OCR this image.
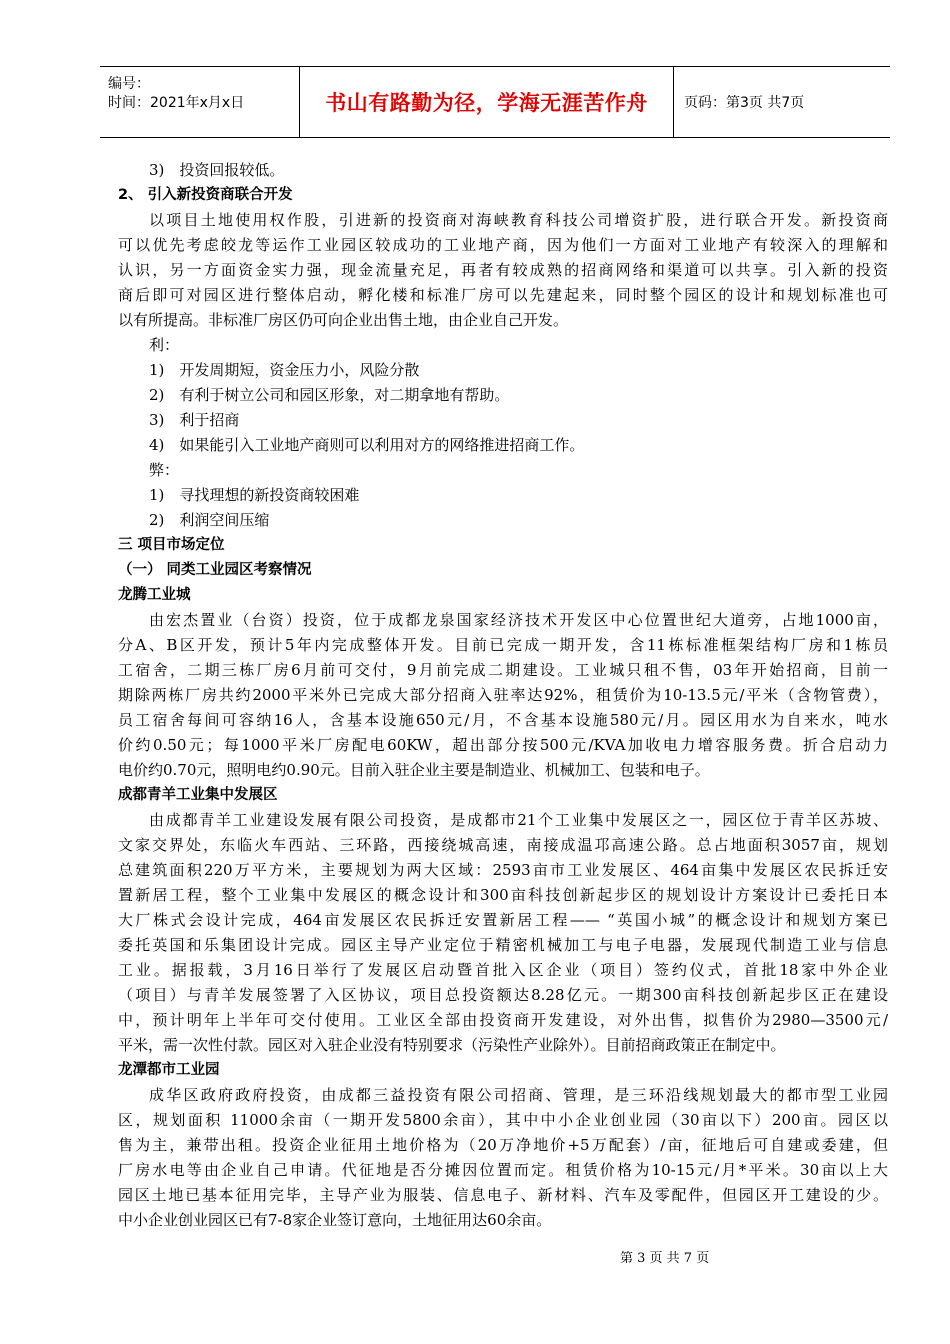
编号：
时间：2021年x月x日	书山有路勤为径，学海无涯苦作舟	页码：第3页 共7页
3)　投资回报较低。
2、 引入新投资商联合开发
以项目土地使用权作股，引进新的投资商对海峡教育科技公司增资扩股，进行联合开发。新投资商
可以优先考虑皎龙等运作工业园区较成功的工业地产商，因为他们一方面对工业地产有较深入的理解和
认识，另一方面资金实力强，现金流量充足，再者有较成熟的招商网络和渠道可以共享。引入新的投资
商后即可对园区进行整体启动，孵化楼和标准厂房可以先建起来，同时整个园区的设计和规划标准也可
以有所提高。非标准厂房区仍可向企业出售土地，由企业自己开发。
利：
1)　开发周期短，资金压力小，风险分散
2)　有利于树立公司和园区形象，对二期拿地有帮助。
3)　利于招商
4)　如果能引入工业地产商则可以利用对方的网络推进招商工作。
弊：
1)　寻找理想的新投资商较困难
2)　利润空间压缩
三 项目市场定位
（一） 同类工业园区考察情况
龙腾工业城
由宏杰置业（台资）投资，位于成都龙泉国家经济技术开发区中心位置世纪大道旁，占地1000亩，
分A、B区开发，预计5年内完成整体开发。目前已完成一期开发，含11栋标准框架结构厂房和1栋员
工宿舍，二期三栋厂房6月前可交付，9月前完成二期建设。工业城只租不售，03年开始招商，目前一
期除两栋厂房共约2000平米外已完成大部分招商入驻率达92%，租赁价为10-13.5元/平米（含物管费），
员工宿舍每间可容纳16人，含基本设施650元/月，不含基本设施580元/月。园区用水为自来水，吨水
价约0.50元；每1000平米厂房配电60KW，超出部分按500元/KVA加收电力增容服务费。折合启动力
电价约0.70元，照明电约0.90元。目前入驻企业主要是制造业、机械加工、包装和电子。
成都青羊工业集中发展区
由成都青羊工业建设发展有限公司投资，是成都市21个工业集中发展区之一，园区位于青羊区苏坡、
文家交界处，东临火车西站、三环路，西接绕城高速，南接成温邛高速公路。总占地面积3057亩，规划
总建筑面积220万平方米，主要规划为两大区域：2593亩市工业发展区、464亩集中发展区农民拆迁安
置新居工程，整个工业集中发展区的概念设计和300亩科技创新起步区的规划设计方案设计已委托日本
大厂株式会设计完成，464亩发展区农民拆迁安置新居工程—— “英国小城”的概念设计和规划方案已
委托英国和乐集团设计完成。园区主导产业定位于精密机械加工与电子电器，发展现代制造工业与信息
工业。据报载，3月16日举行了发展区启动暨首批入区企业（项目）签约仪式，首批18家中外企业
（项目）与青羊发展签署了入区协议，项目总投资额达8.28亿元。一期300亩科技创新起步区正在建设
中，预计明年上半年可交付使用。工业区全部由投资商开发建设，对外出售，拟售价为2980—3500元/
平米，需一次性付款。园区对入驻企业没有特别要求（污染性产业除外）。目前招商政策正在制定中。
龙潭都市工业园
成华区政府政府投资，由成都三益投资有限公司招商、管理，是三环沿线规划最大的都市型工业园
区，规划面积 11000余亩（一期开发5800余亩），其中中小企业创业园（30亩以下）200亩。园区以
售为主，兼带出租。投资企业征用土地价格为（20万净地价+5万配套）/亩，征地后可自建或委建，但
厂房水电等由企业自己申请。代征地是否分摊因位置而定。租赁价格为10-15元/月*平米。30亩以上大
园区土地已基本征用完毕，主导产业为服装、信息电子、新材料、汽车及零配件，但园区开工建设的少。
中小企业创业园区已有7-8家企业签订意向，土地征用达60余亩。
第 3 页 共 7 页
